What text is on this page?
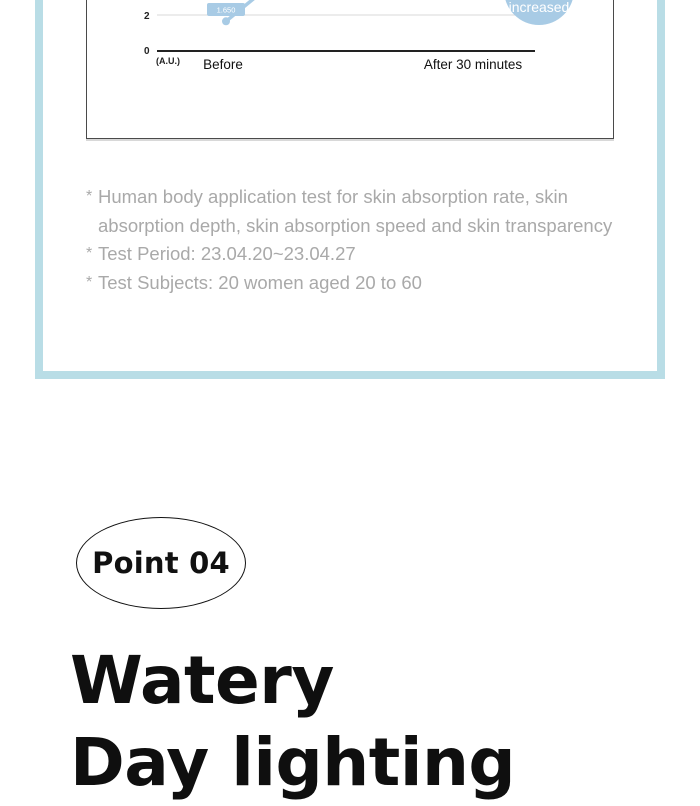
2
0
(A.U.)
1.650	increased
Before	After 30 minutes
* Human body application test for skin absorption rate, skin absorption depth, skin absorption speed and skin transparency
* Test Period: 23.04.20~23.04.27
* Test Subjects: 20 women aged 20 to 60
Point 04
Watery
Day lighting
